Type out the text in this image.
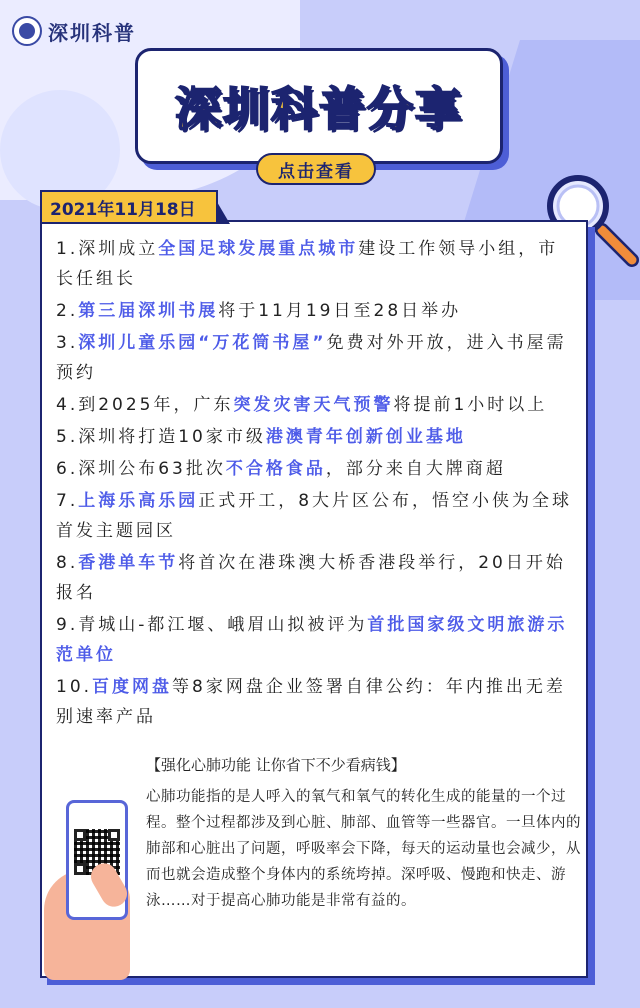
深圳科普
深圳科普分享
点击查看
2021年11月18日
1.深圳成立全国足球发展重点城市建设工作领导小组，市长任组长
2.第三届深圳书展将于11月19日至28日举办
3.深圳儿童乐园“万花筒书屋”免费对外开放，进入书屋需预约
4.到2025年，广东突发灾害天气预警将提前1小时以上
5.深圳将打造10家市级港澳青年创新创业基地
6.深圳公布63批次不合格食品，部分来自大牌商超
7.上海乐高乐园正式开工，8大片区公布，悟空小侠为全球首发主题园区
8.香港单车节将首次在港珠澳大桥香港段举行，20日开始报名
9.青城山-都江堰、峨眉山拟被评为首批国家级文明旅游示范单位
10.百度网盘等8家网盘企业签署自律公约：年内推出无差别速率产品
【强化心肺功能 让你省下不少看病钱】
心肺功能指的是人呼入的氧气和氧气的转化生成的能量的一个过程。整个过程都涉及到心脏、肺部、血管等一些器官。一旦体内的肺部和心脏出了问题，呼吸率会下降，每天的运动量也会减少，从而也就会造成整个身体内的系统垮掉。深呼吸、慢跑和快走、游泳……对于提高心肺功能是非常有益的。
